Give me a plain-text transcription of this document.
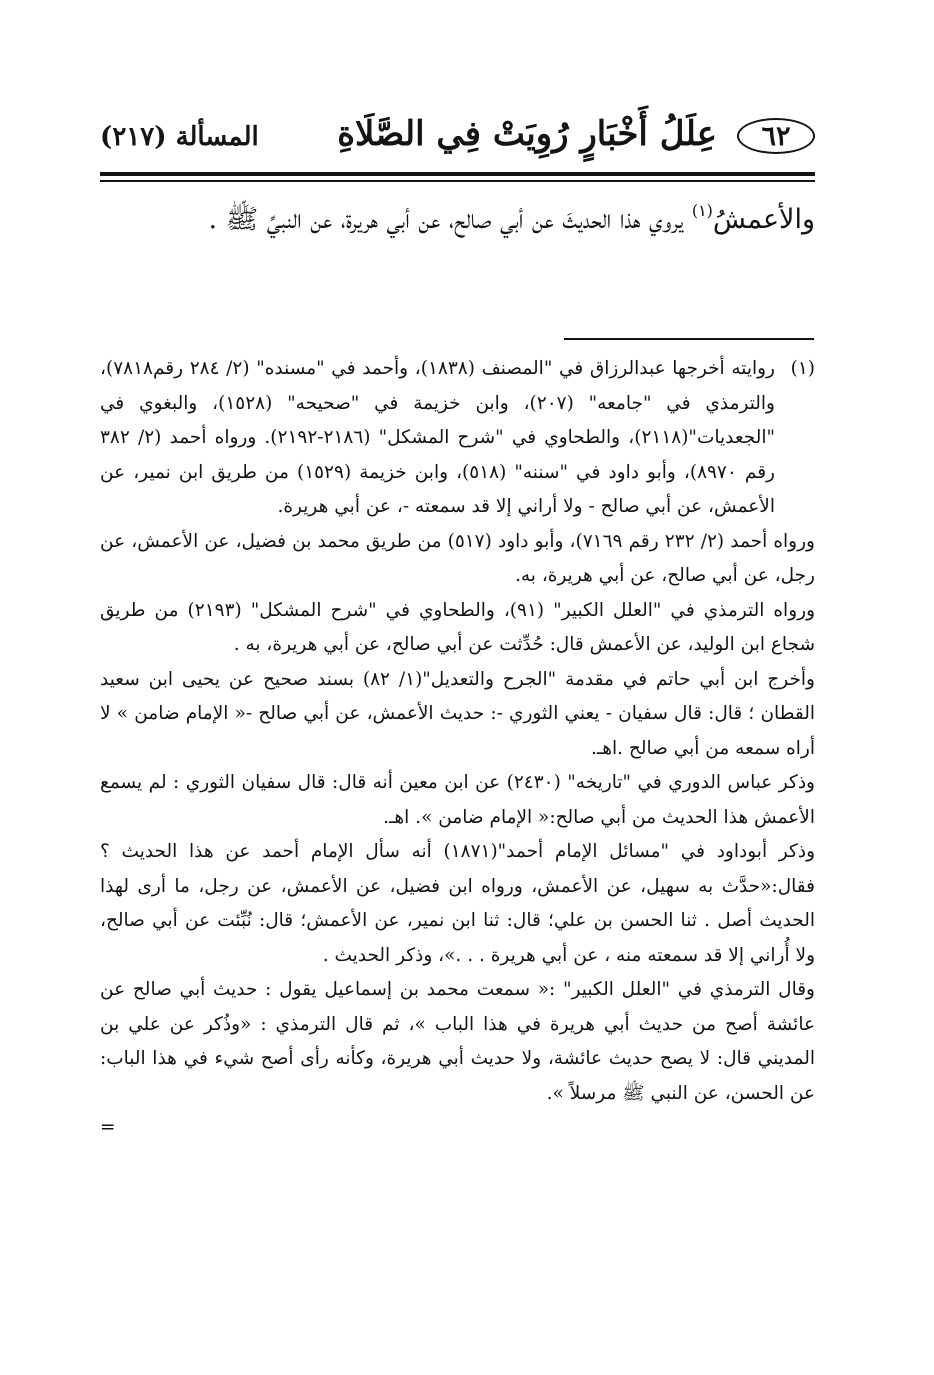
٦٢
عِلَلُ أَخْبَارٍ رُوِيَتْ فِي الصَّلَاةِ
المسألة (٢١٧)

والأعمشُ$^{(١)}$ يروي هذا الحديثَ عن أبي صالح، عن أبي هريرة، عن النبيِّ ﷺ .

(١)

روايته أخرجها عبدالرزاق في "المصنف (١٨٣٨)، وأحمد في "مسنده" (٢/ ٢٨٤ رقم٧٨١٨)، والترمذي في "جامعه" (٢٠٧)، وابن خزيمة في "صحيحه" (١٥٢٨)، والبغوي في "الجعديات"(٢١١٨)، والطحاوي في "شرح المشكل" (٢١٨٦-٢١٩٢). ورواه أحمد (٢/ ٣٨٢ رقم ٨٩٧٠)، وأبو داود في "سننه" (٥١٨)، وابن خزيمة (١٥٢٩) من طريق ابن نمير، عن الأعمش، عن أبي صالح - ولا أراني إلا قد سمعته -، عن أبي هريرة.

ورواه أحمد (٢/ ٢٣٢ رقم ٧١٦٩)، وأبو داود (٥١٧) من طريق محمد بن فضيل، عن الأعمش، عن رجل، عن أبي صالح، عن أبي هريرة، به.

ورواه الترمذي في "العلل الكبير" (٩١)، والطحاوي في "شرح المشكل" (٢١٩٣) من طريق شجاع ابن الوليد، عن الأعمش قال: حُدِّثت عن أبي صالح، عن أبي هريرة، به .

وأخرج ابن أبي حاتم في مقدمة "الجرح والتعديل"(١/ ٨٢) بسند صحيح عن يحيى ابن سعيد القطان ؛ قال: قال سفيان - يعني الثوري -: حديث الأعمش، عن أبي صالح -« الإمام ضامن » لا أراه سمعه من أبي صالح .اهـ.

وذكر عباس الدوري في "تاريخه" (٢٤٣٠) عن ابن معين أنه قال: قال سفيان الثوري : لم يسمع الأعمش هذا الحديث من أبي صالح:« الإمام ضامن ». اهـ.

وذكر أبوداود في "مسائل الإمام أحمد"(١٨٧١) أنه سأل الإمام أحمد عن هذا الحديث ؟ فقال:«حدَّث به سهيل، عن الأعمش، ورواه ابن فضيل، عن الأعمش، عن رجل، ما أرى لهذا الحديث أصل . ثنا الحسن بن علي؛ قال: ثنا ابن نمير، عن الأعمش؛ قال: نُبِّئت عن أبي صالح، ولا أُراني إلا قد سمعته منه ، عن أبي هريرة . . .»، وذكر الحديث .

وقال الترمذي في "العلل الكبير" :« سمعت محمد بن إسماعيل يقول : حديث أبي صالح عن عائشة أصح من حديث أبي هريرة في هذا الباب »، ثم قال الترمذي : «وذُكر عن علي بن المديني قال: لا يصح حديث عائشة، ولا حديث أبي هريرة، وكأنه رأى أصح شيء في هذا الباب: عن الحسن، عن النبي ﷺ مرسلاً ».

=
